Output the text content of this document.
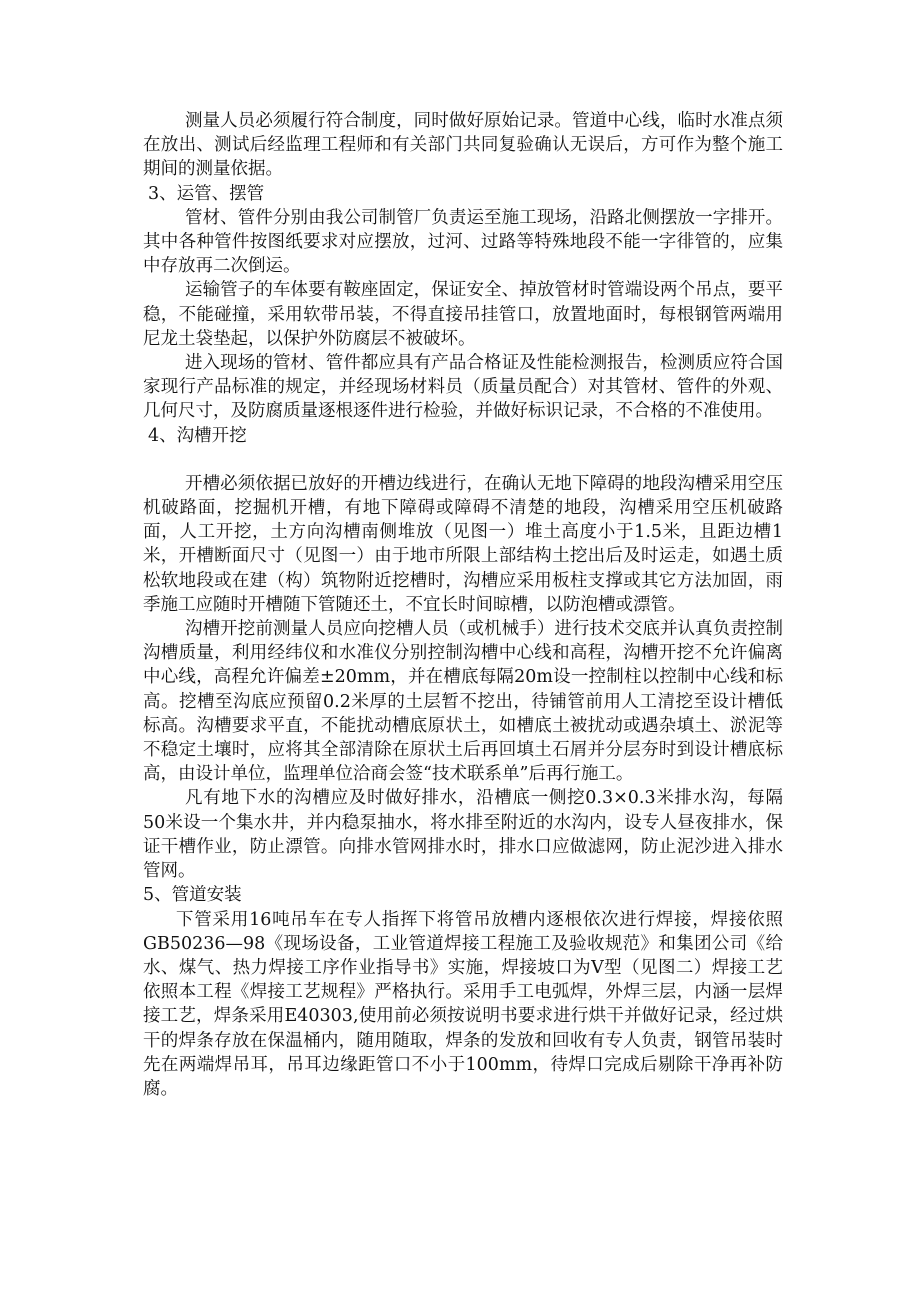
测量人员必须履行符合制度，同时做好原始记录。管道中心线，临时水准点须在放出、测试后经监理工程师和有关部门共同复验确认无误后，方可作为整个施工期间的测量依据。

3、运管、摆管

管材、管件分别由我公司制管厂负责运至施工现场，沿路北侧摆放一字排开。其中各种管件按图纸要求对应摆放，过河、过路等特殊地段不能一字徘管的，应集中存放再二次倒运。

运输管子的车体要有鞍座固定，保证安全、掉放管材时管端设两个吊点，要平稳，不能碰撞，采用软带吊装，不得直接吊挂管口，放置地面时，每根钢管两端用尼龙土袋垫起，以保护外防腐层不被破坏。

进入现场的管材、管件都应具有产品合格证及性能检测报告，检测质应符合国家现行产品标准的规定，并经现场材料员（质量员配合）对其管材、管件的外观、几何尺寸，及防腐质量逐根逐件进行检验，并做好标识记录，不合格的不准使用。

4、沟槽开挖

开槽必须依据已放好的开槽边线进行，在确认无地下障碍的地段沟槽采用空压机破路面，挖掘机开槽，有地下障碍或障碍不清楚的地段，沟槽采用空压机破路面，人工开挖，土方向沟槽南侧堆放（见图一）堆土高度小于1.5米，且距边槽1米，开槽断面尺寸（见图一）由于地市所限上部结构土挖出后及时运走，如遇土质松软地段或在建（构）筑物附近挖槽时，沟槽应采用板柱支撑或其它方法加固，雨季施工应随时开槽随下管随还土，不宜长时间晾槽，以防泡槽或漂管。

沟槽开挖前测量人员应向挖槽人员（或机械手）进行技术交底并认真负责控制沟槽质量，利用经纬仪和水准仪分别控制沟槽中心线和高程，沟槽开挖不允许偏离中心线，高程允许偏差±20mm，并在槽底每隔20m设一控制柱以控制中心线和标高。挖槽至沟底应预留0.2米厚的土层暂不挖出，待铺管前用人工清挖至设计槽低标高。沟槽要求平直，不能扰动槽底原状土，如槽底土被扰动或遇杂填土、淤泥等不稳定土壤时，应将其全部清除在原状土后再回填土石屑并分层夯时到设计槽底标高，由设计单位，监理单位洽商会签“技术联系单”后再行施工。

凡有地下水的沟槽应及时做好排水，沿槽底一侧挖0.3×0.3米排水沟，每隔50米设一个集水井，并内稳泵抽水，将水排至附近的水沟内，设专人昼夜排水，保证干槽作业，防止漂管。向排水管网排水时，排水口应做滤网，防止泥沙进入排水管网。

5、管道安装

下管采用16吨吊车在专人指挥下将管吊放槽内逐根依次进行焊接，焊接依照GB50236—98《现场设备，工业管道焊接工程施工及验收规范》和集团公司《给水、煤气、热力焊接工序作业指导书》实施，焊接坡口为V型（见图二）焊接工艺依照本工程《焊接工艺规程》严格执行。采用手工电弧焊，外焊三层，内涵一层焊接工艺，焊条采用E40303,使用前必须按说明书要求进行烘干并做好记录，经过烘干的焊条存放在保温桶内，随用随取，焊条的发放和回收有专人负责，钢管吊装时先在两端焊吊耳，吊耳边缘距管口不小于100mm，待焊口完成后剔除干净再补防腐。
